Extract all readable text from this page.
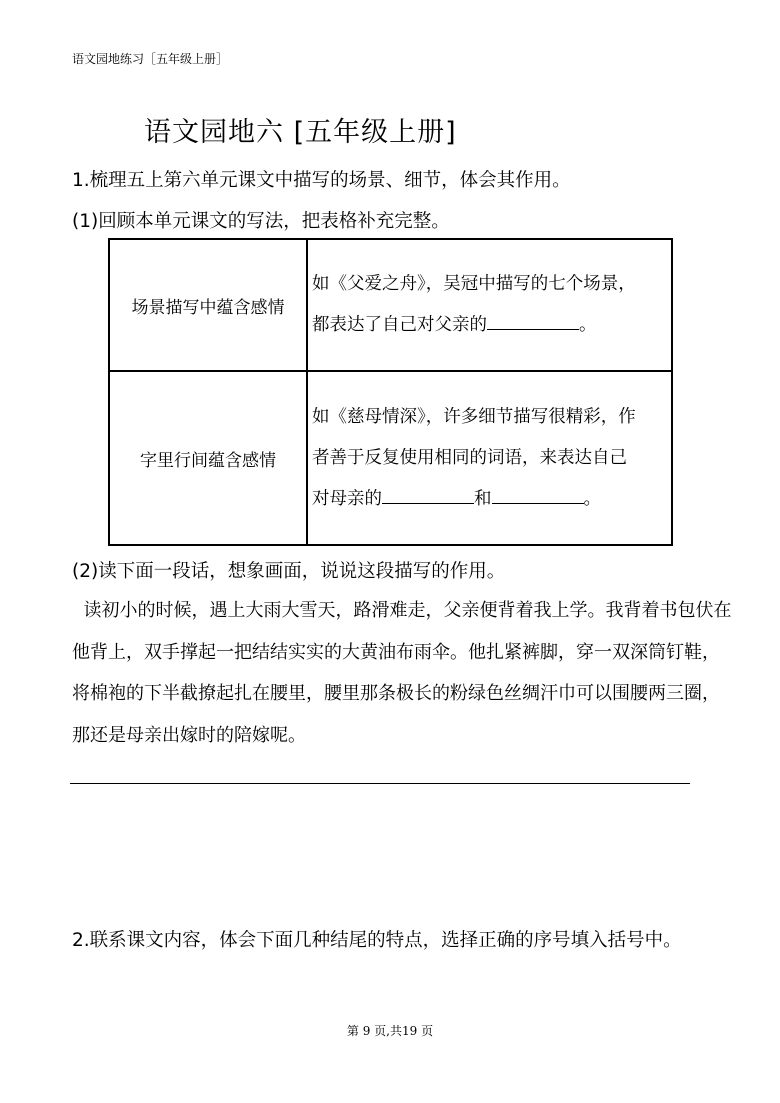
语文园地练习［五年级上册］
语文园地六 [五年级上册]
1.梳理五上第六单元课文中描写的场景、细节，体会其作用。
(1)回顾本单元课文的写法，把表格补充完整。
场景描写中蕴含感情	如《父爱之舟》，吴冠中描写的七个场景，
都表达了自己对父亲的 。

字里行间蕴含感情	如《慈母情深》，许多细节描写很精彩，作
者善于反复使用相同的词语，来表达自己
对母亲的 和 。
(2)读下面一段话，想象画面，说说这段描写的作用。
读初小的时候，遇上大雨大雪天，路滑难走，父亲便背着我上学。我背着书包伏在他背上，双手撑起一把结结实实的大黄油布雨伞。他扎紧裤脚，穿一双深筒钉鞋，将棉袍的下半截撩起扎在腰里，腰里那条极长的粉绿色丝绸汗巾可以围腰两三圈，那还是母亲出嫁时的陪嫁呢。
2.联系课文内容，体会下面几种结尾的特点，选择正确的序号填入括号中。
第 9 页,共19 页
